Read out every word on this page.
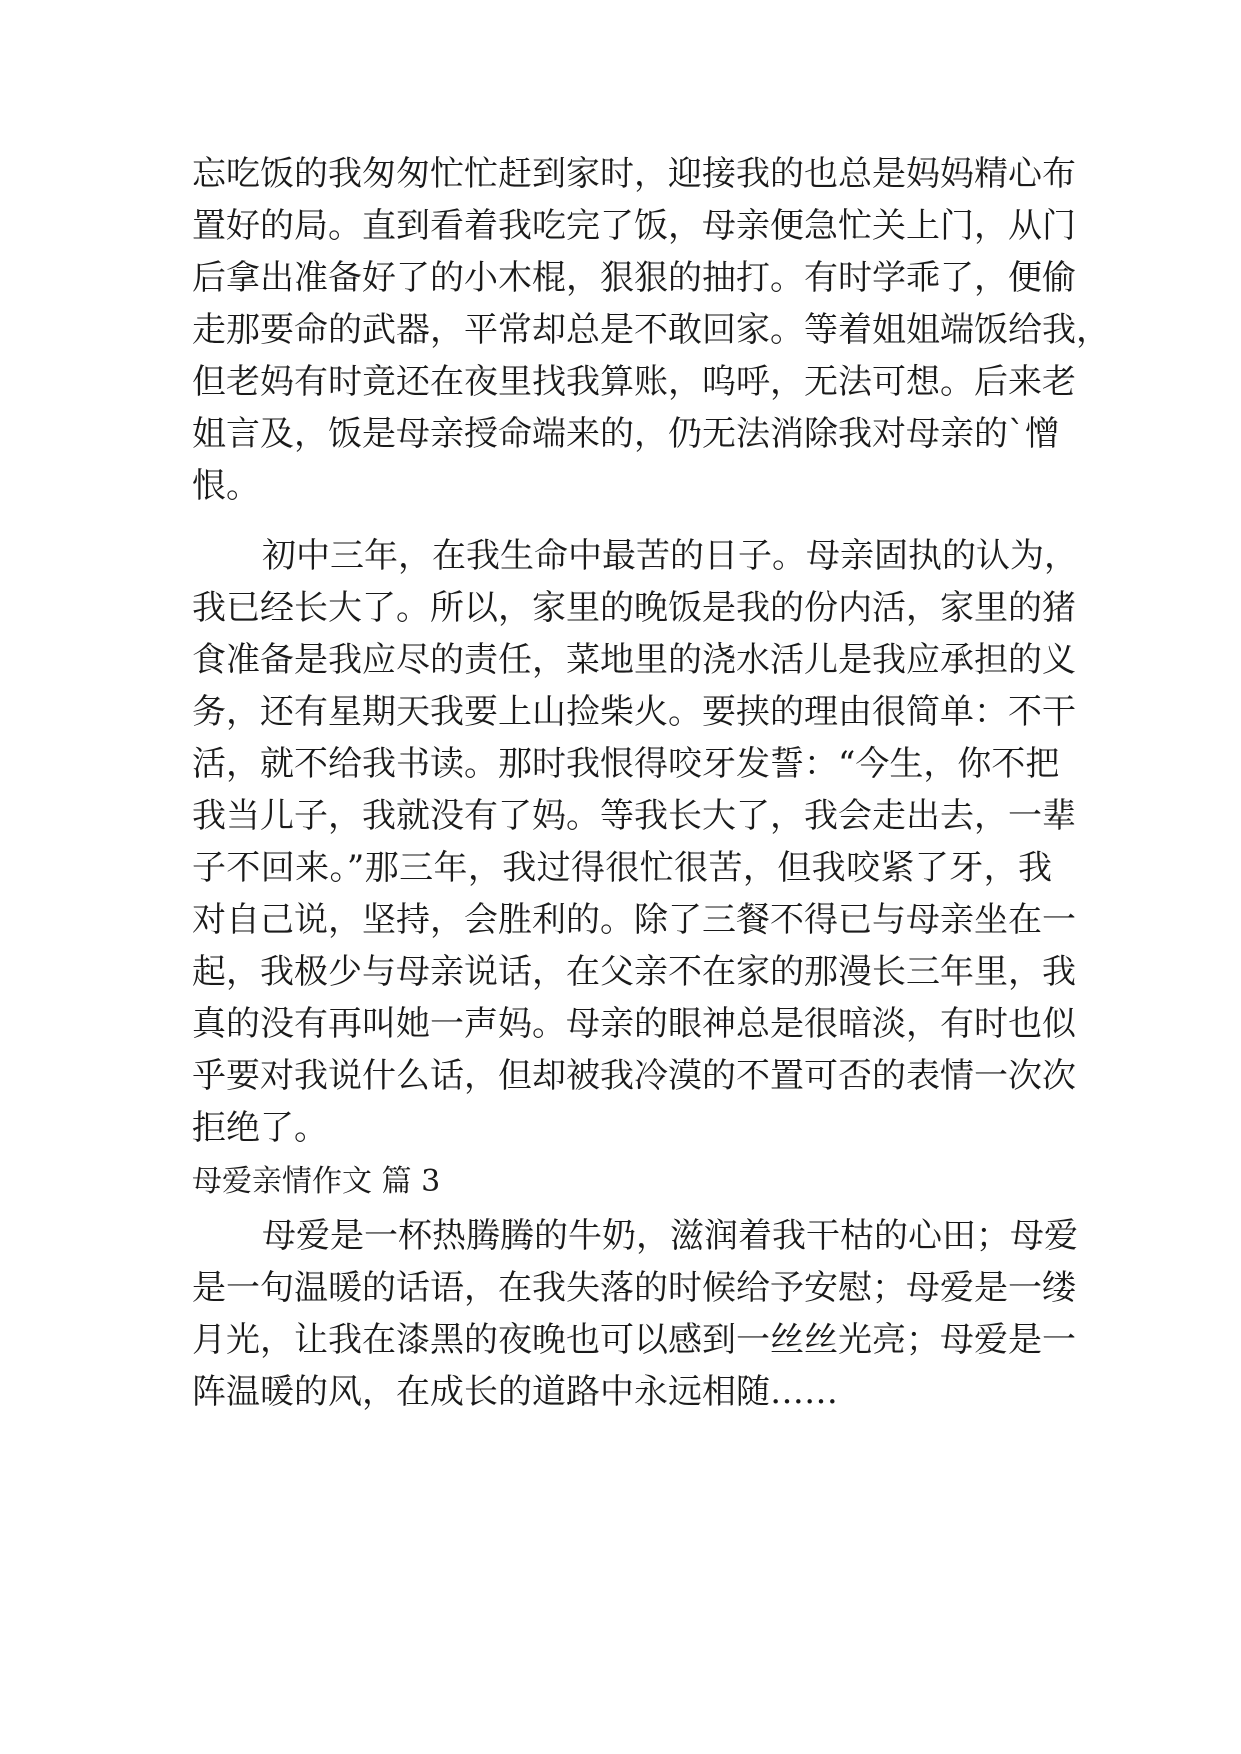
忘吃饭的我匆匆忙忙赶到家时，迎接我的也总是妈妈精心布
置好的局。直到看着我吃完了饭，母亲便急忙关上门，从门
后拿出准备好了的小木棍，狠狠的抽打。有时学乖了，便偷
走那要命的武器，平常却总是不敢回家。等着姐姐端饭给我，
但老妈有时竟还在夜里找我算账，呜呼，无法可想。后来老
姐言及，饭是母亲授命端来的，仍无法消除我对母亲的`憎
恨。
初中三年，在我生命中最苦的日子。母亲固执的认为，
我已经长大了。所以，家里的晚饭是我的份内活，家里的猪
食准备是我应尽的责任，菜地里的浇水活儿是我应承担的义
务，还有星期天我要上山捡柴火。要挟的理由很简单：不干
活，就不给我书读。那时我恨得咬牙发誓：“今生，你不把
我当儿子，我就没有了妈。等我长大了，我会走出去，一辈
子不回来。”那三年，我过得很忙很苦，但我咬紧了牙，我
对自己说，坚持，会胜利的。除了三餐不得已与母亲坐在一
起，我极少与母亲说话，在父亲不在家的那漫长三年里，我
真的没有再叫她一声妈。母亲的眼神总是很暗淡，有时也似
乎要对我说什么话，但却被我冷漠的不置可否的表情一次次
拒绝了。
母爱亲情作文 篇 3
母爱是一杯热腾腾的牛奶，滋润着我干枯的心田；母爱
是一句温暖的话语，在我失落的时候给予安慰；母爱是一缕
月光，让我在漆黑的夜晚也可以感到一丝丝光亮；母爱是一
阵温暖的风，在成长的道路中永远相随……
